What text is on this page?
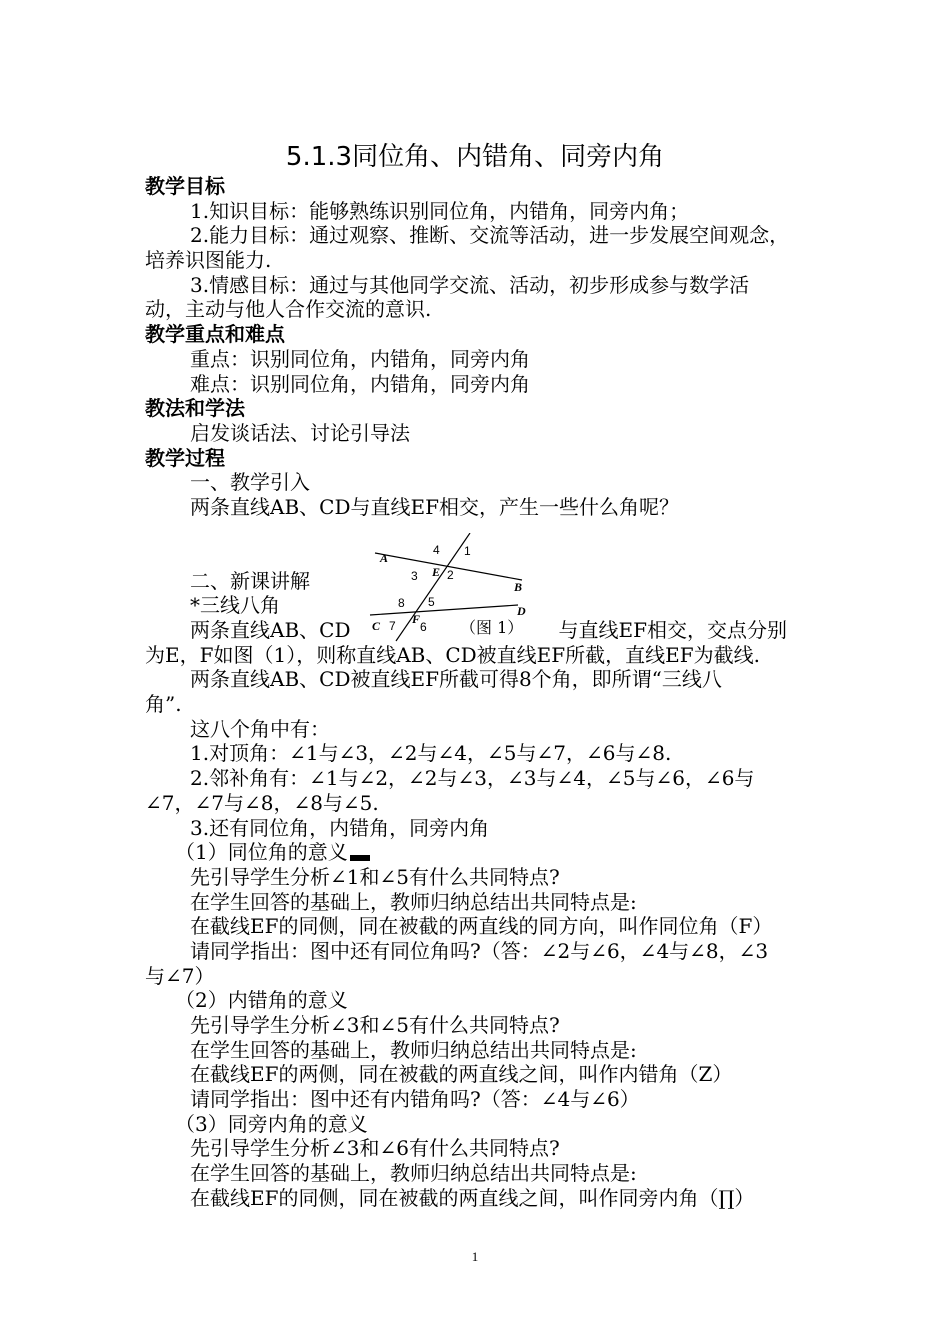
5.1.3同位角、内错角、同旁内角
教学目标
1.知识目标：能够熟练识别同位角，内错角，同旁内角；
2.能力目标：通过观察、推断、交流等活动，进一步发展空间观念，
培养识图能力.
3.情感目标：通过与其他同学交流、活动，初步形成参与数学活
动，主动与他人合作交流的意识.
教学重点和难点
重点：识别同位角，内错角，同旁内角
难点：识别同位角，内错角，同旁内角
教法和学法
启发谈话法、讨论引导法
教学过程
一、教学引入
两条直线AB、CD与直线EF相交，产生一些什么角呢？
二、新课讲解
*三线八角
两条直线AB、CD	与直线EF相交，交点分别
为E，F如图（1），则称直线AB、CD被直线EF所截，直线EF为截线.
两条直线AB、CD被直线EF所截可得8个角，即所谓“三线八
角”.
这八个角中有：
1.对顶角：∠1与∠3，∠2与∠4，∠5与∠7，∠6与∠8.
2.邻补角有：∠1与∠2，∠2与∠3，∠3与∠4，∠5与∠6，∠6与
∠7，∠7与∠8，∠8与∠5.
3.还有同位角，内错角，同旁内角
（1）同位角的意义
先引导学生分析∠1和∠5有什么共同特点?
在学生回答的基础上，教师归纳总结出共同特点是:
在截线EF的同侧，同在被截的两直线的同方向，叫作同位角（F）
请同学指出：图中还有同位角吗?（答：∠2与∠6，∠4与∠8，∠3
与∠7）
（2）内错角的意义
先引导学生分析∠3和∠5有什么共同特点?
在学生回答的基础上，教师归纳总结出共同特点是:
在截线EF的两侧，同在被截的两直线之间，叫作内错角（Z）
请同学指出：图中还有内错角吗?（答：∠4与∠6）
（3）同旁内角的意义
先引导学生分析∠3和∠6有什么共同特点?
在学生回答的基础上，教师归纳总结出共同特点是:
在截线EF的同侧，同在被截的两直线之间，叫作同旁内角（∏）
A
B
C
D
E
F
1
2
3
4
5
6
7
8
（图 1）
1
